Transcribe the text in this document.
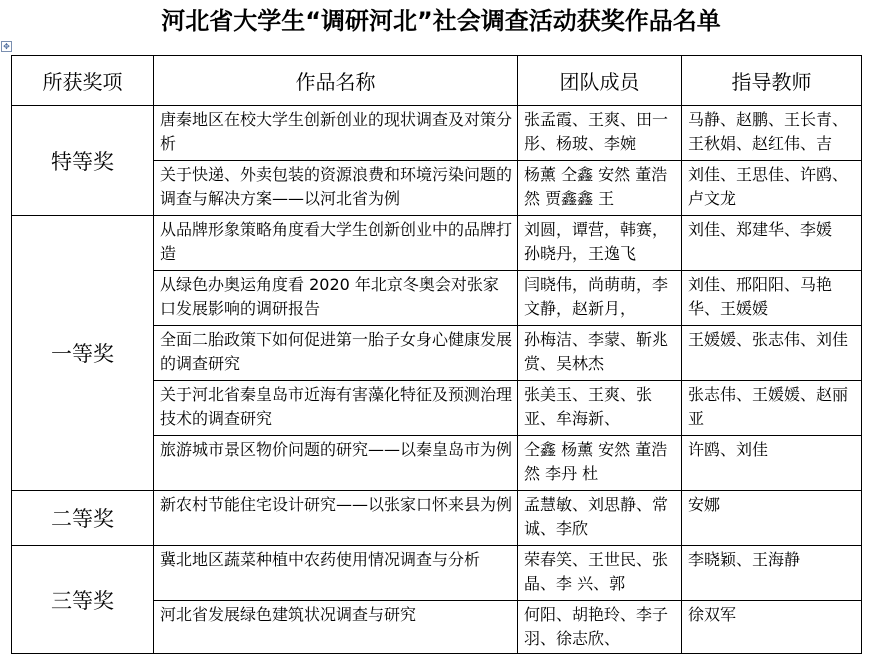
河北省大学生“调研河北”社会调查活动获奖作品名单
✥
所获奖项	作品名称	团队成员	指导教师
特等奖	唐秦地区在校大学生创新创业的现状调查及对策分析	张孟霞、王爽、田一彤、杨玻、李婉	马静、赵鹏、王长青、王秋娟、赵红伟、吉
	关于快递、外卖包装的资源浪费和环境污染问题的调查与解决方案——以河北省为例	杨薰 仝鑫 安然 董浩然 贾鑫鑫 王	刘佳、王思佳、许鸥、卢文龙
一等奖	从品牌形象策略角度看大学生创新创业中的品牌打造	刘圆，谭营，韩赛，孙晓丹，王逸飞	刘佳、郑建华、李媛
	从绿色办奥运角度看 2020 年北京冬奥会对张家口发展影响的调研报告	闫晓伟，尚萌萌，李文静，赵新月，	刘佳、邢阳阳、马艳华、王媛媛
	全面二胎政策下如何促进第一胎子女身心健康发展的调查研究	孙梅洁、李蒙、靳兆赏、吴林杰	王媛媛、张志伟、刘佳
	关于河北省秦皇岛市近海有害藻化特征及预测治理技术的调查研究	张美玉、王爽、张亚、牟海新、	张志伟、王媛媛、赵丽亚
	旅游城市景区物价问题的研究——以秦皇岛市为例	仝鑫 杨薰 安然 董浩然 李丹 杜	许鸥、刘佳
二等奖	新农村节能住宅设计研究——以张家口怀来县为例	孟慧敏、刘思静、常诚、李欣	安娜
三等奖	冀北地区蔬菜种植中农药使用情况调查与分析	荣春笑、王世民、张晶、李 兴、郭	李晓颖、王海静
	河北省发展绿色建筑状况调查与研究	何阳、胡艳玲、李子羽、徐志欣、	徐双军
